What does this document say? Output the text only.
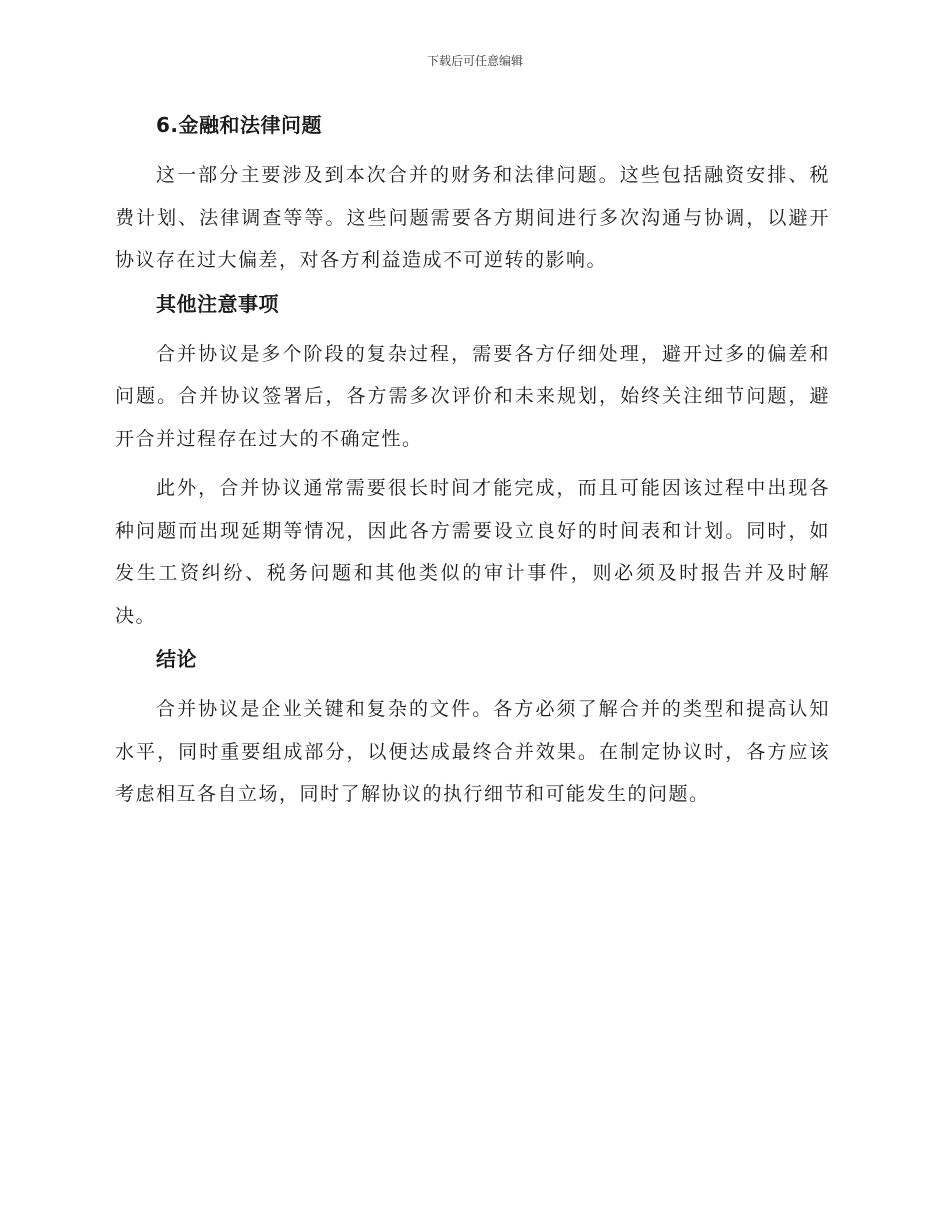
下载后可任意编辑
6.金融和法律问题

这一部分主要涉及到本次合并的财务和法律问题。这些包括融资安排、税费计划、法律调查等等。这些问题需要各方期间进行多次沟通与协调，以避开协议存在过大偏差，对各方利益造成不可逆转的影响。

其他注意事项

合并协议是多个阶段的复杂过程，需要各方仔细处理，避开过多的偏差和问题。合并协议签署后，各方需多次评价和未来规划，始终关注细节问题，避开合并过程存在过大的不确定性。

此外，合并协议通常需要很长时间才能完成，而且可能因该过程中出现各种问题而出现延期等情况，因此各方需要设立良好的时间表和计划。同时，如发生工资纠纷、税务问题和其他类似的审计事件，则必须及时报告并及时解决。

结论

合并协议是企业关键和复杂的文件。各方必须了解合并的类型和提高认知水平，同时重要组成部分，以便达成最终合并效果。在制定协议时，各方应该考虑相互各自立场，同时了解协议的执行细节和可能发生的问题。
